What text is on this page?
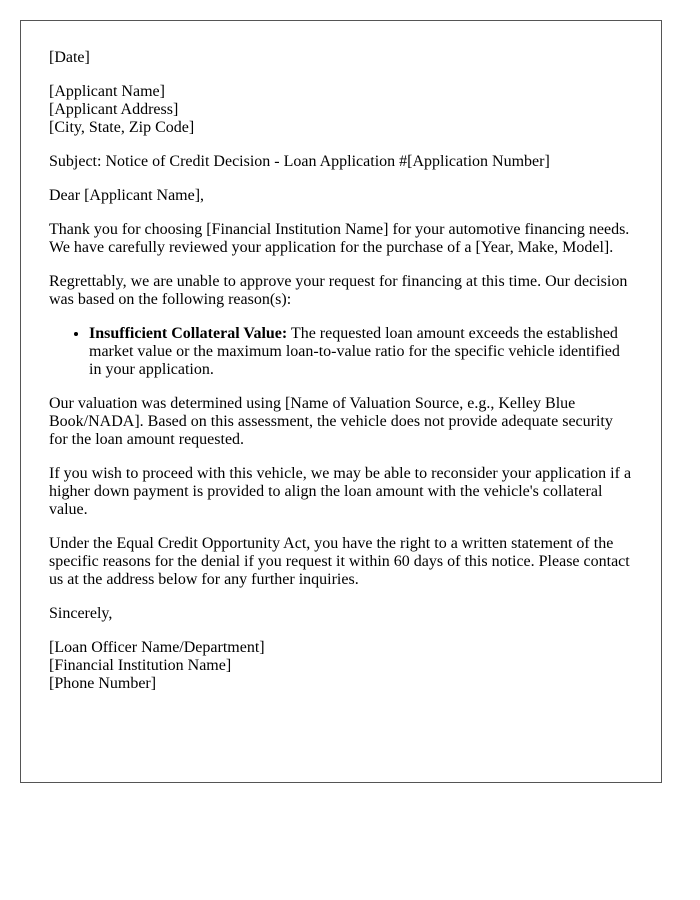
[Date]

[Applicant Name]
[Applicant Address]
[City, State, Zip Code]

Subject: Notice of Credit Decision - Loan Application #[Application Number]

Dear [Applicant Name],

Thank you for choosing [Financial Institution Name] for your automotive financing needs. We have carefully reviewed your application for the purchase of a [Year, Make, Model].

Regrettably, we are unable to approve your request for financing at this time. Our decision was based on the following reason(s):

• Insufficient Collateral Value: The requested loan amount exceeds the established market value or the maximum loan-to-value ratio for the specific vehicle identified in your application.

Our valuation was determined using [Name of Valuation Source, e.g., Kelley Blue Book/NADA]. Based on this assessment, the vehicle does not provide adequate security for the loan amount requested.

If you wish to proceed with this vehicle, we may be able to reconsider your application if a higher down payment is provided to align the loan amount with the vehicle's collateral value.

Under the Equal Credit Opportunity Act, you have the right to a written statement of the specific reasons for the denial if you request it within 60 days of this notice. Please contact us at the address below for any further inquiries.

Sincerely,

[Loan Officer Name/Department]
[Financial Institution Name]
[Phone Number]
